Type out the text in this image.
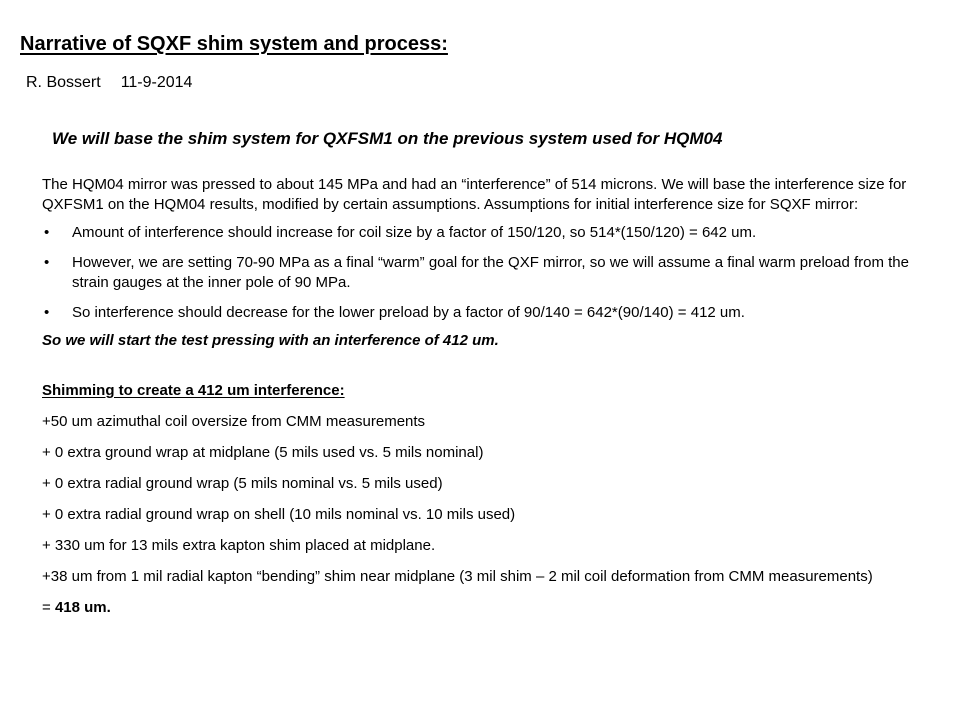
Narrative of SQXF shim system and process:
R. Bossert 11-9-2014
We will base the shim system for QXFSM1 on the previous system used for HQM04

The HQM04 mirror was pressed to about 145 MPa and had an “interference” of 514 microns. We will base the interference size for QXFSM1 on the HQM04 results, modified by certain assumptions. Assumptions for initial interference size for SQXF mirror:

• Amount of interference should increase for coil size by a factor of 150/120, so 514*(150/120) = 642 um.
• However, we are setting 70-90 MPa as a final “warm” goal for the QXF mirror, so we will assume a final warm preload from the strain gauges at the inner pole of 90 MPa.
• So interference should decrease for the lower preload by a factor of 90/140 = 642*(90/140) = 412 um.

So we will start the test pressing with an interference of 412 um.

Shimming to create a 412 um interference:

+50 um azimuthal coil oversize from CMM measurements

+ 0 extra ground wrap at midplane (5 mils used vs. 5 mils nominal)

+ 0 extra radial ground wrap (5 mils nominal vs. 5 mils used)

+ 0 extra radial ground wrap on shell (10 mils nominal vs. 10 mils used)

+ 330 um for 13 mils extra kapton shim placed at midplane.

+38 um from 1 mil radial kapton “bending” shim near midplane (3 mil shim – 2 mil coil deformation from CMM measurements)

= 418 um.
